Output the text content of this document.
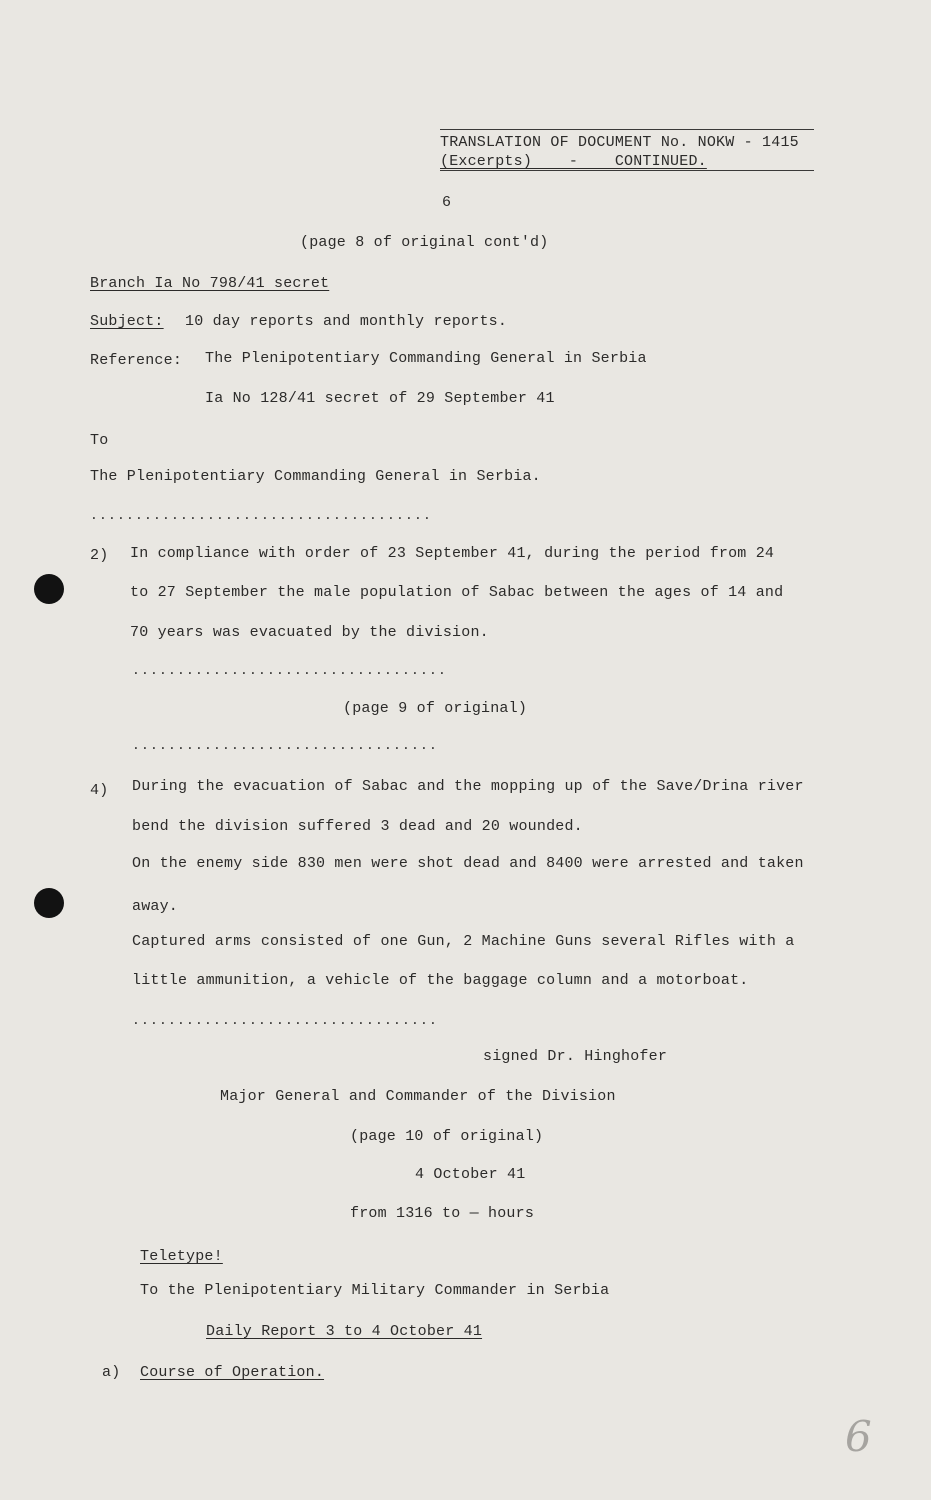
TRANSLATION OF DOCUMENT No. NOKW - 1415
(Excerpts)    -    CONTINUED.
6
(page 8 of original cont'd)
Branch Ia No 798/41 secret
Subject: 10 day reports and monthly reports.
Reference: The Plenipotentiary Commanding General in Serbia
Ia No 128/41 secret of 29 September 41
To
The Plenipotentiary Commanding General in Serbia.
......................................
2) In compliance with order of 23 September 41, during the period from 24
to 27 September the male population of Sabac between the ages of 14 and
70 years was evacuated by the division.
...................................
(page 9 of original)
..................................
4) During the evacuation of Sabac and the mopping up of the Save/Drina river
bend the division suffered 3 dead and 20 wounded.
On the enemy side 830 men were shot dead and 8400 were arrested and taken
away.
Captured arms consisted of one Gun, 2 Machine Guns several Rifles with a
little ammunition, a vehicle of the baggage column and a motorboat.
..................................
signed Dr. Hinghofer
Major General and Commander of the Division
(page 10 of original)
4 October 41
from 1316 to — hours
Teletype!
To the Plenipotentiary Military Commander in Serbia
Daily Report 3 to 4 October 41
a) Course of Operation.
6
